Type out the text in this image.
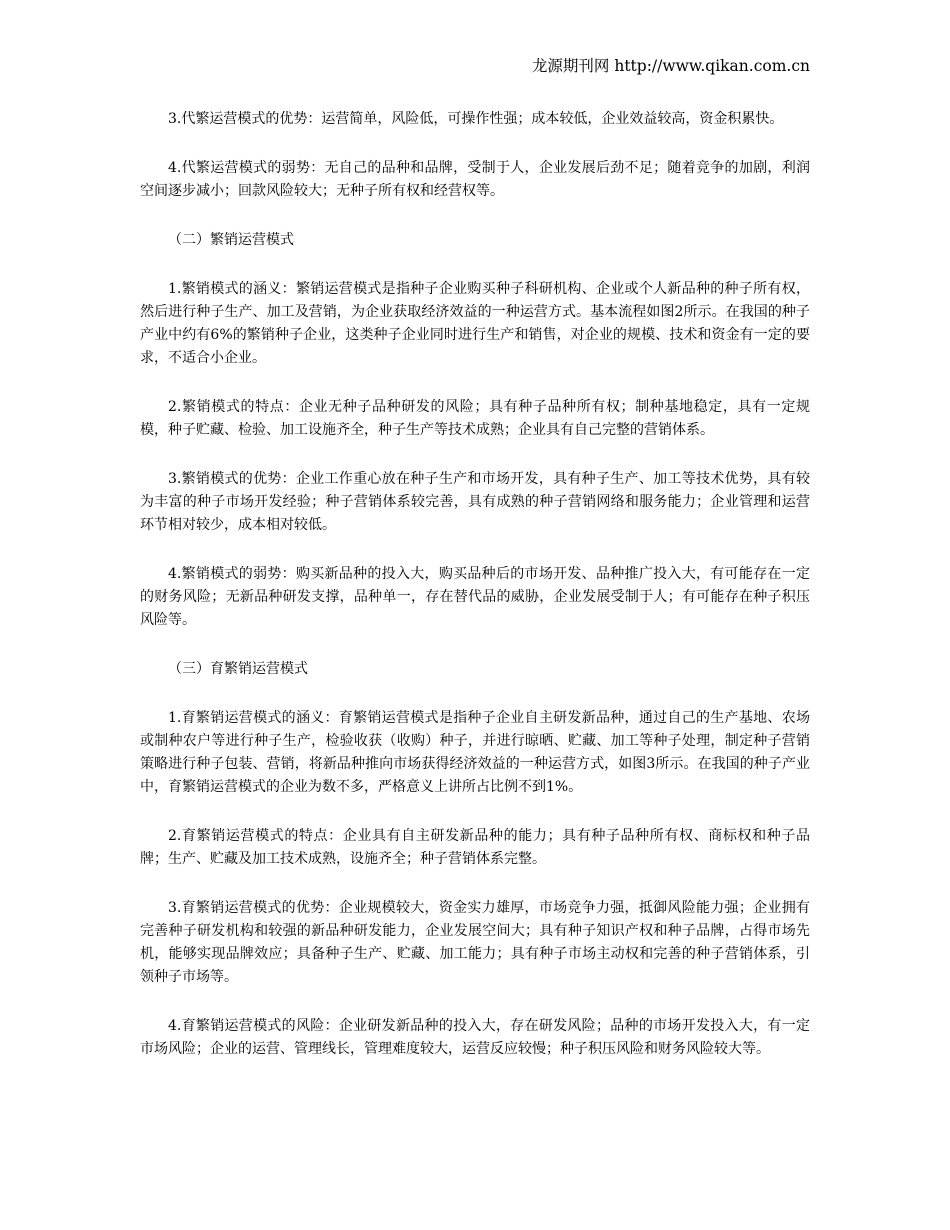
龙源期刊网 http://www.qikan.com.cn

3.代繁运营模式的优势：运营简单，风险低，可操作性强；成本较低，企业效益较高，资金积累快。

4.代繁运营模式的弱势：无自己的品种和品牌，受制于人，企业发展后劲不足；随着竞争的加剧，利润空间逐步减小；回款风险较大；无种子所有权和经营权等。

（二）繁销运营模式

1.繁销模式的涵义：繁销运营模式是指种子企业购买种子科研机构、企业或个人新品种的种子所有权，然后进行种子生产、加工及营销，为企业获取经济效益的一种运营方式。基本流程如图2所示。在我国的种子产业中约有6%的繁销种子企业，这类种子企业同时进行生产和销售，对企业的规模、技术和资金有一定的要求，不适合小企业。

2.繁销模式的特点：企业无种子品种研发的风险；具有种子品种所有权；制种基地稳定，具有一定规模，种子贮藏、检验、加工设施齐全，种子生产等技术成熟；企业具有自己完整的营销体系。

3.繁销模式的优势：企业工作重心放在种子生产和市场开发，具有种子生产、加工等技术优势，具有较为丰富的种子市场开发经验；种子营销体系较完善，具有成熟的种子营销网络和服务能力；企业管理和运营环节相对较少，成本相对较低。

4.繁销模式的弱势：购买新品种的投入大，购买品种后的市场开发、品种推广投入大，有可能存在一定的财务风险；无新品种研发支撑，品种单一，存在替代品的威胁，企业发展受制于人；有可能存在种子积压风险等。

（三）育繁销运营模式

1.育繁销运营模式的涵义：育繁销运营模式是指种子企业自主研发新品种，通过自己的生产基地、农场或制种农户等进行种子生产，检验收获（收购）种子，并进行晾晒、贮藏、加工等种子处理，制定种子营销策略进行种子包装、营销，将新品种推向市场获得经济效益的一种运营方式，如图3所示。在我国的种子产业中，育繁销运营模式的企业为数不多，严格意义上讲所占比例不到1%。

2.育繁销运营模式的特点：企业具有自主研发新品种的能力；具有种子品种所有权、商标权和种子品牌；生产、贮藏及加工技术成熟，设施齐全；种子营销体系完整。

3.育繁销运营模式的优势：企业规模较大，资金实力雄厚，市场竞争力强，抵御风险能力强；企业拥有完善种子研发机构和较强的新品种研发能力，企业发展空间大；具有种子知识产权和种子品牌，占得市场先机，能够实现品牌效应；具备种子生产、贮藏、加工能力；具有种子市场主动权和完善的种子营销体系，引领种子市场等。

4.育繁销运营模式的风险：企业研发新品种的投入大，存在研发风险；品种的市场开发投入大，有一定市场风险；企业的运营、管理线长，管理难度较大，运营反应较慢；种子积压风险和财务风险较大等。
